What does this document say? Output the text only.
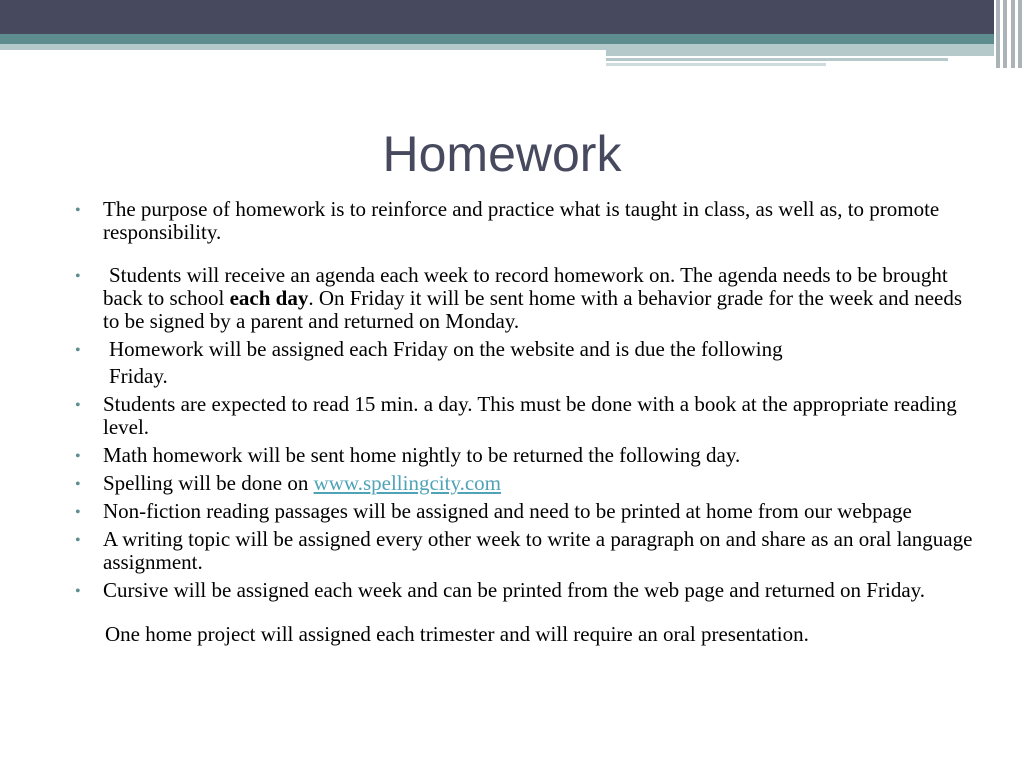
Homework
• The purpose of homework is to reinforce and practice what is taught in class, as well as, to promote responsibility.
• Students will receive an agenda each week to record homework on. The agenda needs to be brought back to school each day. On Friday it will be sent home with a behavior grade for the week and needs to be signed by a parent and returned on Monday.
• Homework will be assigned each Friday on the website and is due the following
Friday.
• Students are expected to read 15 min. a day. This must be done with a book at the appropriate reading level.
• Math homework will be sent home nightly to be returned the following day.
• Spelling will be done on www.spellingcity.com
• Non-fiction reading passages will be assigned and need to be printed at home from our webpage
• A writing topic will be assigned every other week to write a paragraph on and share as an oral language assignment.
• Cursive will be assigned each week and can be printed from the web page and returned on Friday.
One home project will assigned each trimester and will require an oral presentation.
